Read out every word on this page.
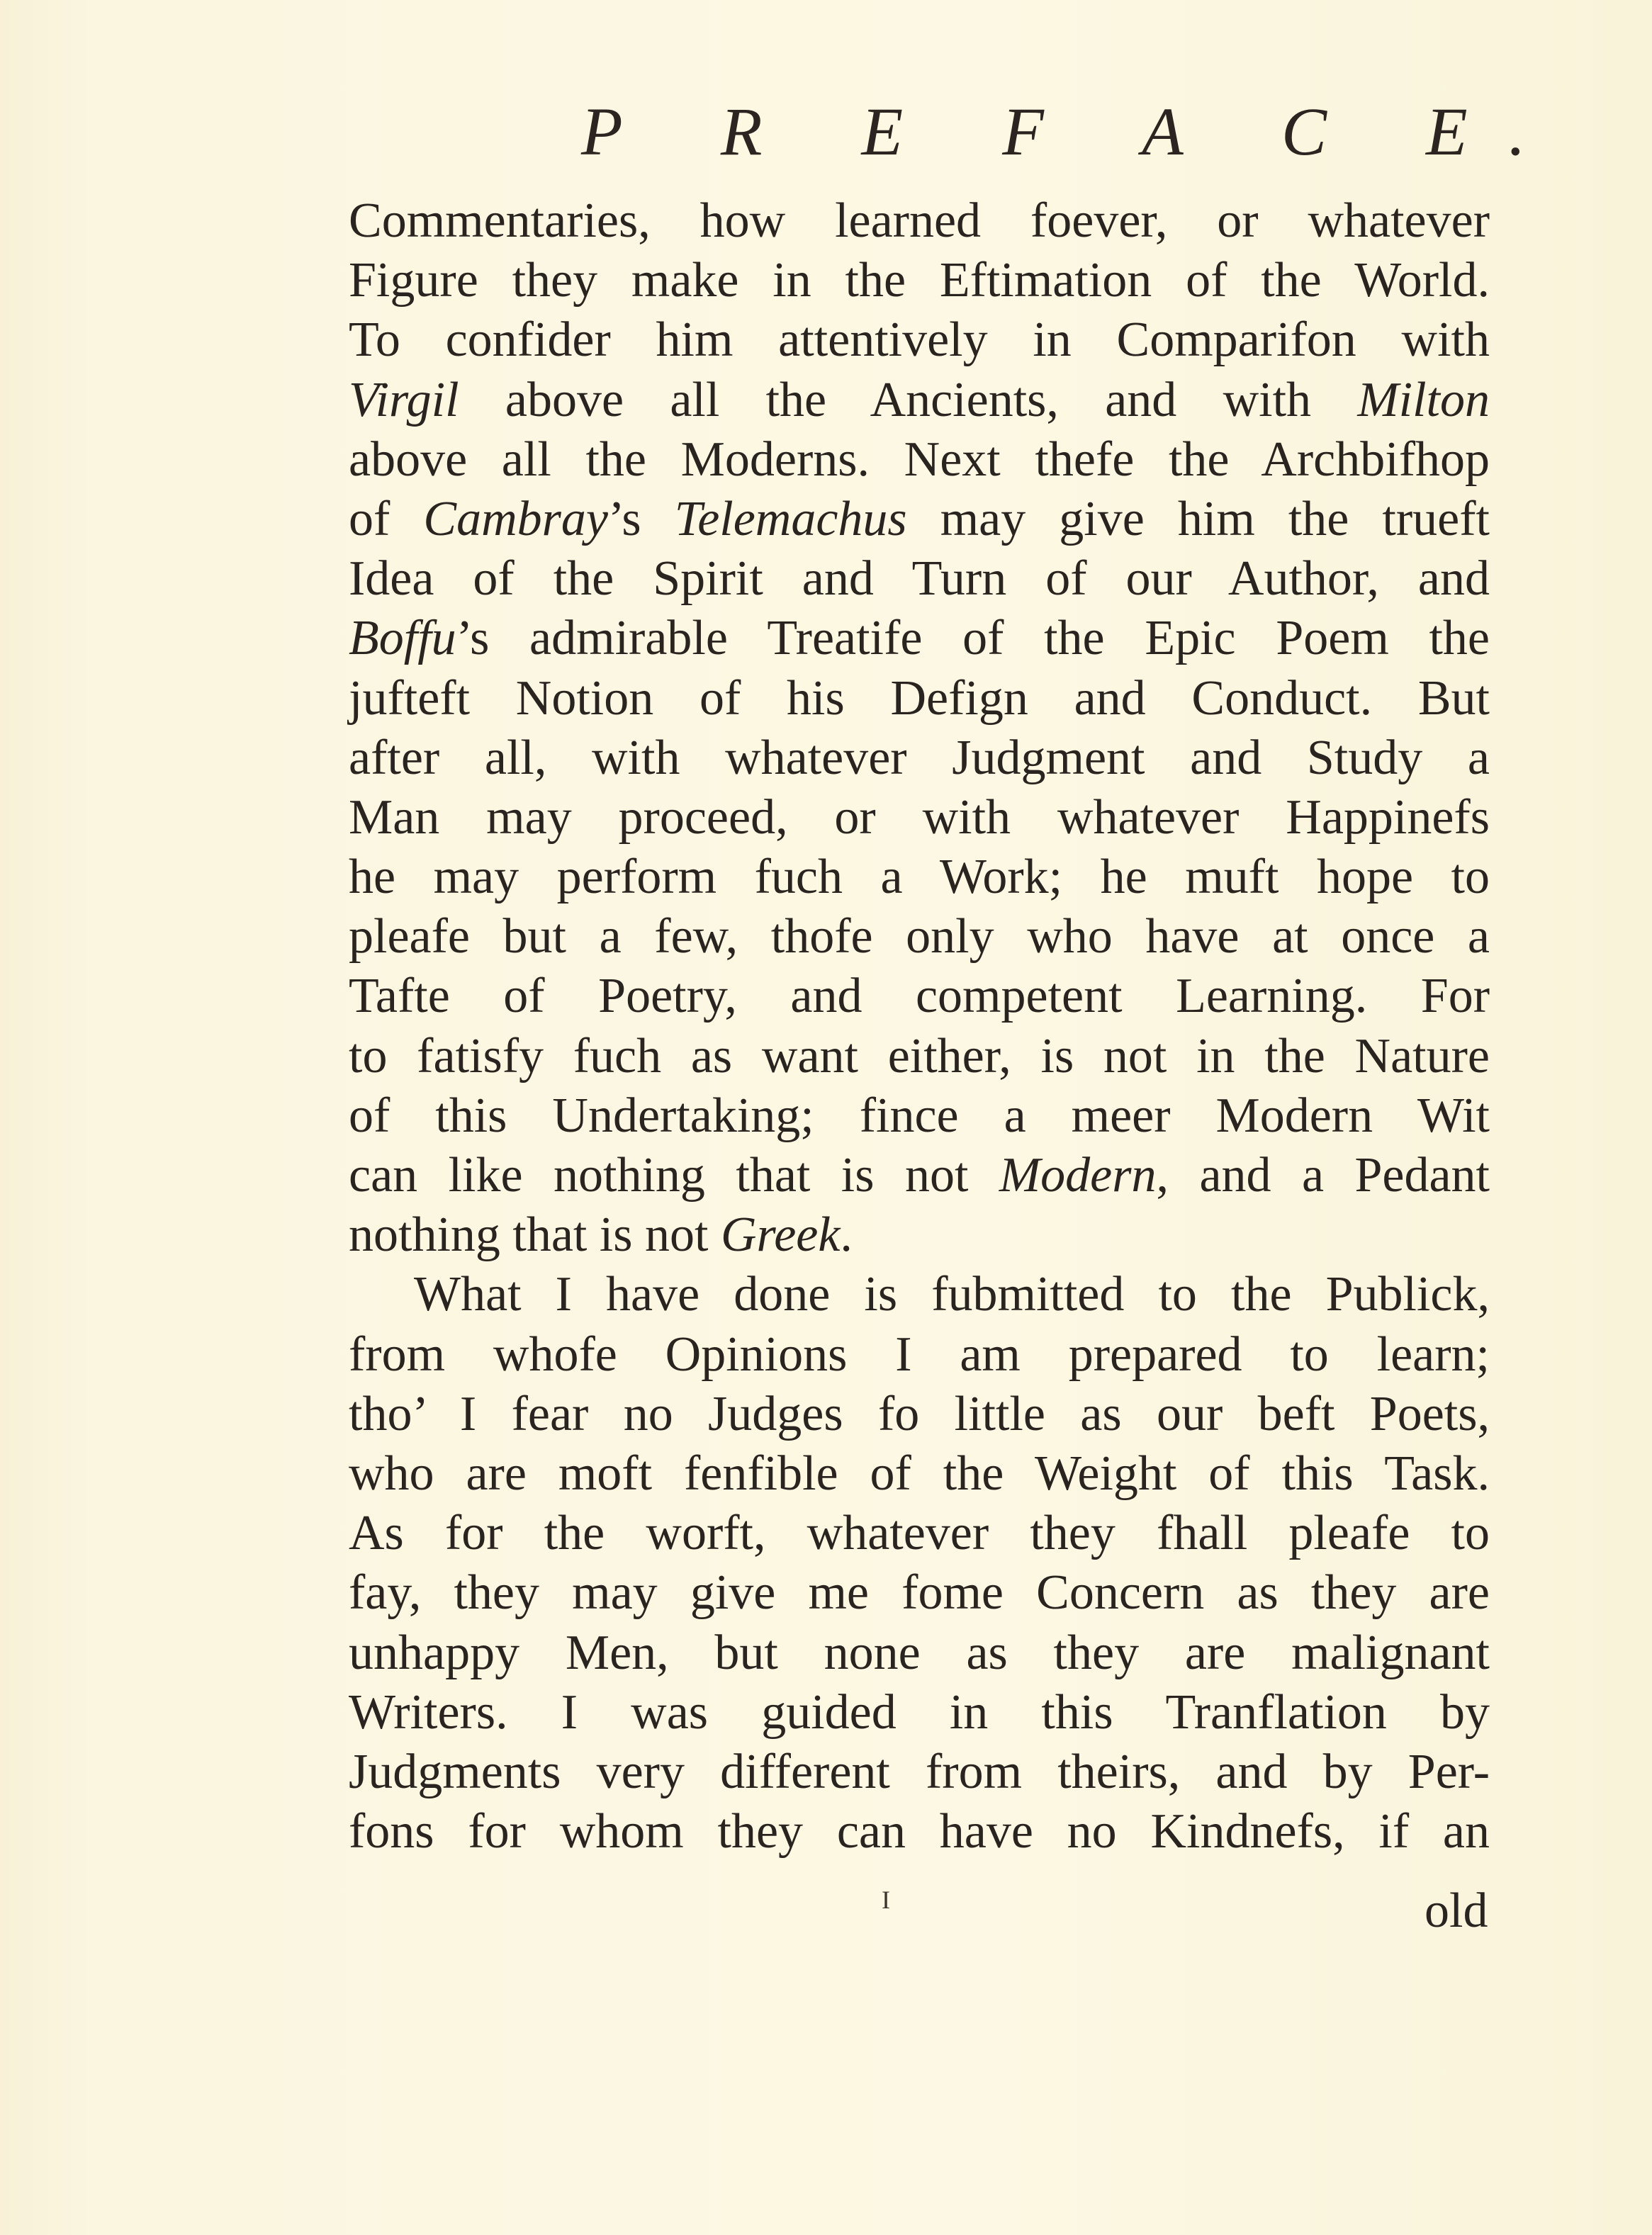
P R E F A C E.
Commentaries, how learned foever, or whatever
Figure they make in the Eftimation of the World.
To confider him attentively in Comparifon with
Virgil above all the Ancients, and with Milton
above all the Moderns. Next thefe the Archbifhop
of Cambray’s Telemachus may give him the trueft
Idea of the Spirit and Turn of our Author, and
Boffu’s admirable Treatife of the Epic Poem the
jufteft Notion of his Defign and Conduct. But
after all, with whatever Judgment and Study a
Man may proceed, or with whatever Happinefs
he may perform fuch a Work; he muft hope to
pleafe but a few, thofe only who have at once a
Tafte of Poetry, and competent Learning. For
to fatisfy fuch as want either, is not in the Nature
of this Undertaking; fince a meer Modern Wit
can like nothing that is not Modern, and a Pedant
nothing that is not Greek.
What I have done is fubmitted to the Publick,
from whofe Opinions I am prepared to learn;
tho’ I fear no Judges fo little as our beft Poets,
who are moft fenfible of the Weight of this Task.
As for the worft, whatever they fhall pleafe to
fay, they may give me fome Concern as they are
unhappy Men, but none as they are malignant
Writers. I was guided in this Tranflation by
Judgments very different from theirs, and by Per-
fons for whom they can have no Kindnefs, if an
I	old
